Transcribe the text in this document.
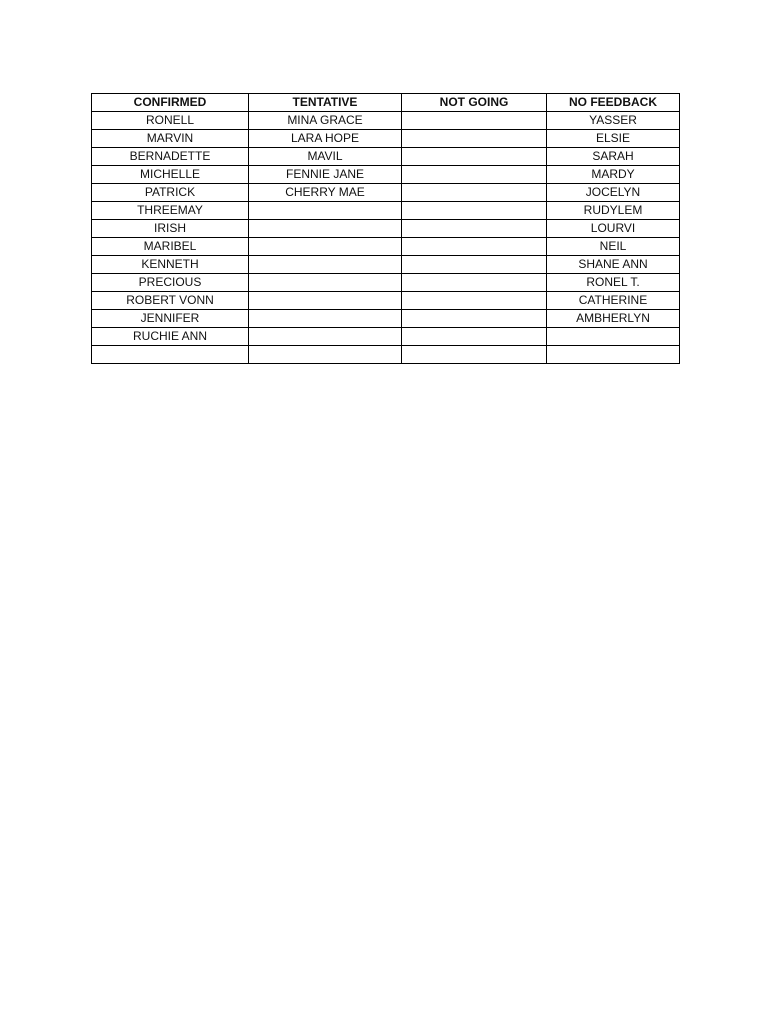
CONFIRMED	TENTATIVE	NOT GOING	NO FEEDBACK
RONELL	MINA GRACE		YASSER
MARVIN	LARA HOPE		ELSIE
BERNADETTE	MAVIL		SARAH
MICHELLE	FENNIE JANE		MARDY
PATRICK	CHERRY MAE		JOCELYN
THREEMAY			RUDYLEM
IRISH			LOURVI
MARIBEL			NEIL
KENNETH			SHANE ANN
PRECIOUS			RONEL T.
ROBERT VONN			CATHERINE
JENNIFER			AMBHERLYN
RUCHIE ANN			
